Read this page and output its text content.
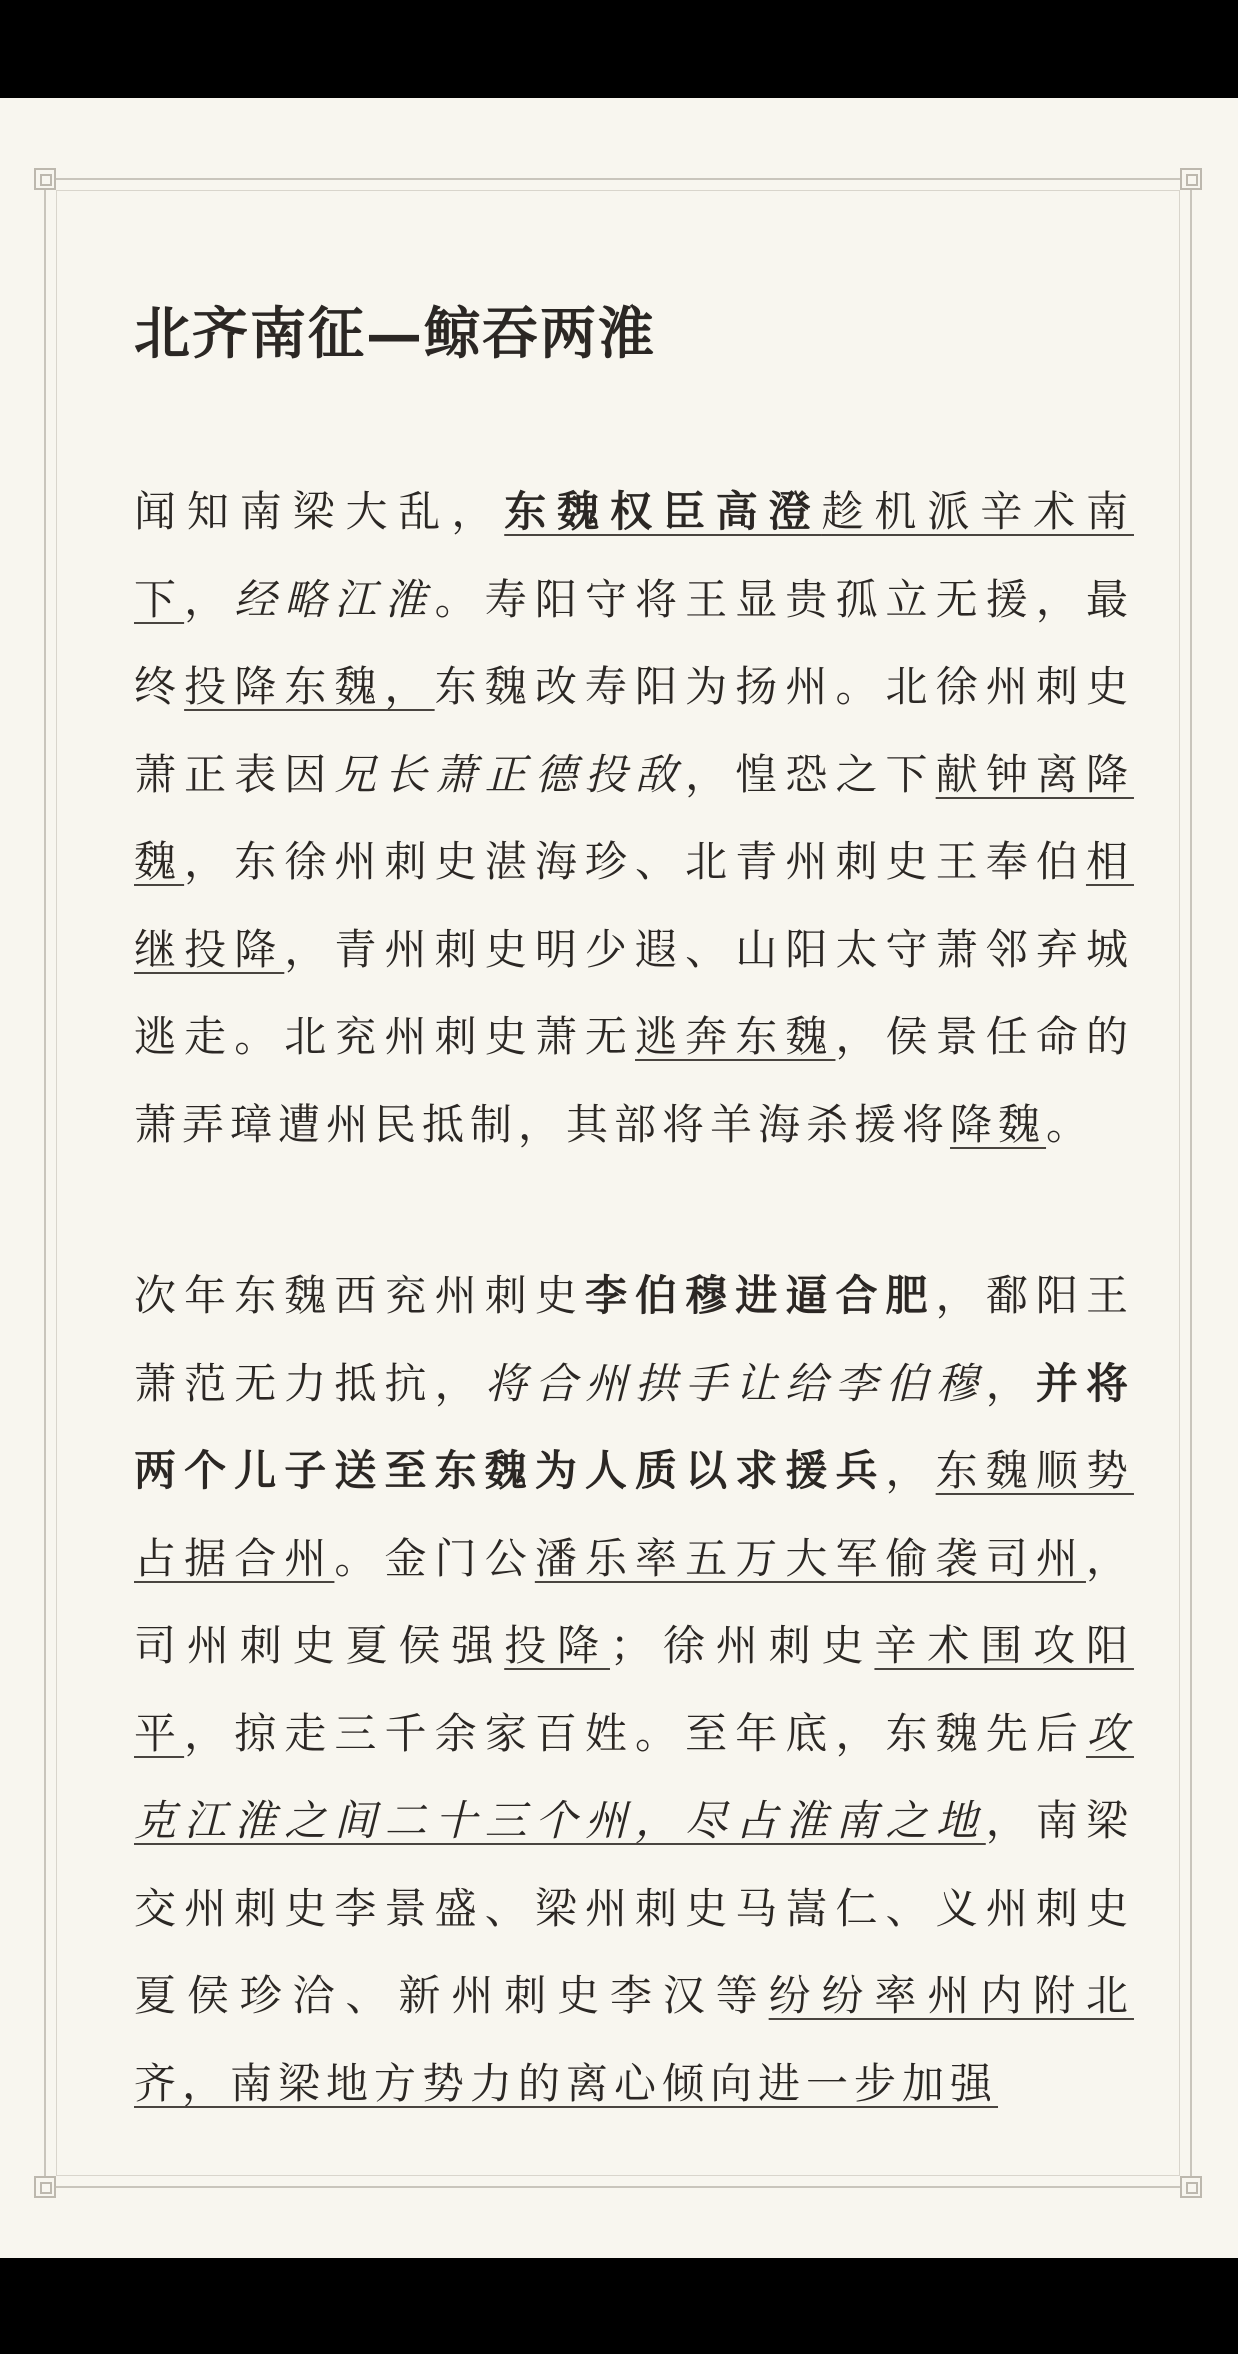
北齐南征—鲸吞两淮

闻知南梁大乱，东魏权臣高澄趁机派辛术南下，经略江淮。寿阳守将王显贵孤立无援，最终投降东魏，东魏改寿阳为扬州。北徐州刺史萧正表因兄长萧正德投敌，惶恐之下献钟离降魏，东徐州刺史湛海珍、北青州刺史王奉伯相继投降，青州刺史明少遐、山阳太守萧邻弃城逃走。北兖州刺史萧无逃奔东魏，侯景任命的萧弄璋遭州民抵制，其部将羊海杀援将降魏。

次年东魏西兖州刺史李伯穆进逼合肥，鄱阳王萧范无力抵抗，将合州拱手让给李伯穆，并将两个儿子送至东魏为人质以求援兵，东魏顺势占据合州。金门公潘乐率五万大军偷袭司州，司州刺史夏侯强投降；徐州刺史辛术围攻阳平，掠走三千余家百姓。至年底，东魏先后攻克江淮之间二十三个州，尽占淮南之地，南梁交州刺史李景盛、梁州刺史马嵩仁、义州刺史夏侯珍洽、新州刺史李汉等纷纷率州内附北齐，南梁地方势力的离心倾向进一步加强
